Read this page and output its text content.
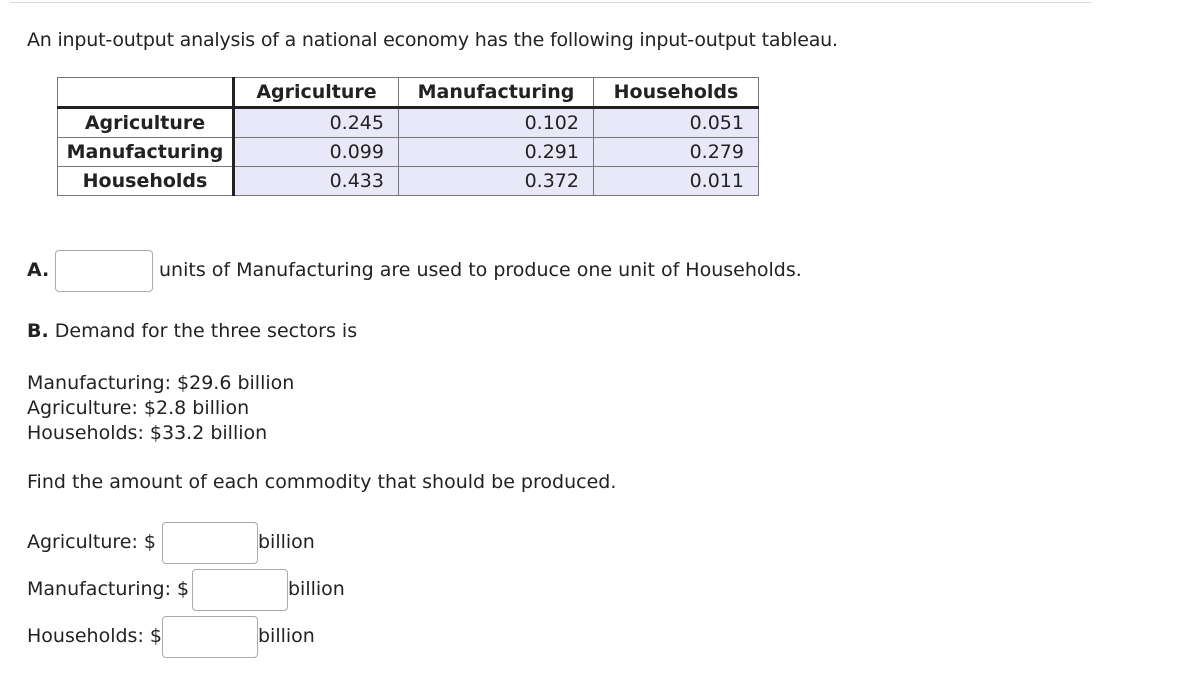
An input-output analysis of a national economy has the following input-output tableau.
	Agriculture	Manufacturing	Households
Agriculture	0.245	0.102	0.051
Manufacturing	0.099	0.291	0.279
Households	0.433	0.372	0.011
A.	units of Manufacturing are used to produce one unit of Households.
B. Demand for the three sectors is
Manufacturing: $29.6 billion
Agriculture: $2.8 billion
Households: $33.2 billion
Find the amount of each commodity that should be produced.
Agriculture: $	billion
Manufacturing: $	billion
Households: $	billion
